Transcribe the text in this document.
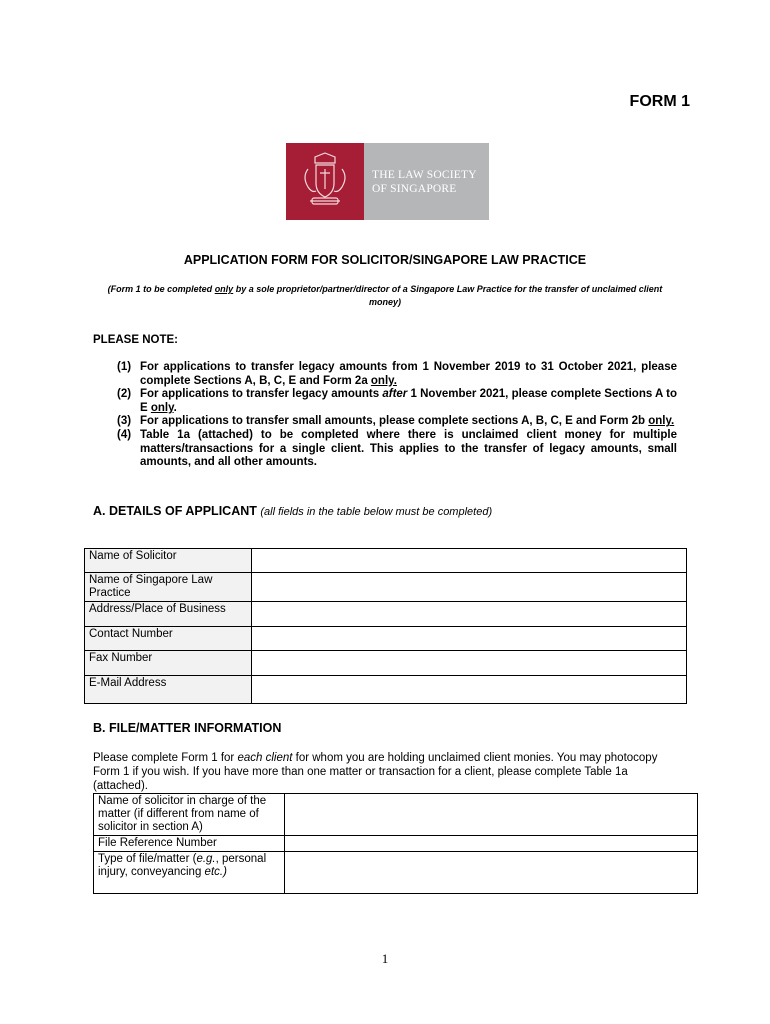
FORM 1
THE LAW SOCIETY
OF SINGAPORE
APPLICATION FORM FOR SOLICITOR/SINGAPORE LAW PRACTICE
(Form 1 to be completed only by a sole proprietor/partner/director of a Singapore Law Practice for the transfer of unclaimed client money)
PLEASE NOTE:
(1) For applications to transfer legacy amounts from 1 November 2019 to 31 October 2021, please complete Sections A, B, C, E and Form 2a only.
(2) For applications to transfer legacy amounts after 1 November 2021, please complete Sections A to E only.
(3) For applications to transfer small amounts, please complete sections A, B, C, E and Form 2b only.
(4) Table 1a (attached) to be completed where there is unclaimed client money for multiple matters/transactions for a single client. This applies to the transfer of legacy amounts, small amounts, and all other amounts.
A. DETAILS OF APPLICANT (all fields in the table below must be completed)
Name of Solicitor	
Name of Singapore Law Practice	
Address/Place of Business	
Contact Number	
Fax Number	
E-Mail Address	
B. FILE/MATTER INFORMATION
Please complete Form 1 for each client for whom you are holding unclaimed client monies. You may photocopy Form 1 if you wish. If you have more than one matter or transaction for a client, please complete Table 1a (attached).
Name of solicitor in charge of the matter (if different from name of solicitor in section A)	
File Reference Number	
Type of file/matter (e.g., personal injury, conveyancing etc.)	
1
